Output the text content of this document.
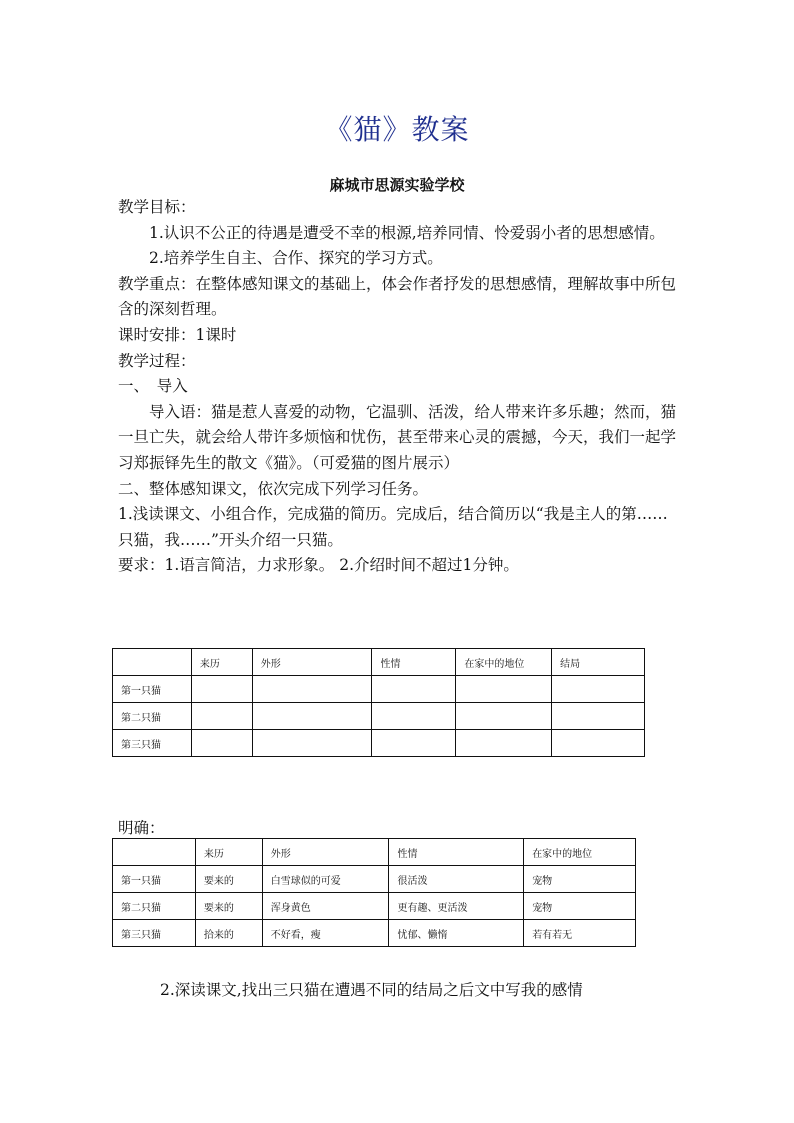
《猫》教案
麻城市思源实验学校

教学目标：

1.认识不公正的待遇是遭受不幸的根源,培养同情、怜爱弱小者的思想感情。

2.培养学生自主、合作、探究的学习方式。

教学重点：在整体感知课文的基础上，体会作者抒发的思想感情，理解故事中所包含的深刻哲理。

课时安排：1课时

教学过程：

一、　导入

导入语：猫是惹人喜爱的动物，它温驯、活泼，给人带来许多乐趣；然而，猫一旦亡失，就会给人带许多烦恼和忧伤，甚至带来心灵的震撼，今天，我们一起学习郑振铎先生的散文《猫》。（可爱猫的图片展示）

二、整体感知课文，依次完成下列学习任务。

1.浅读课文、小组合作，完成猫的简历。完成后，结合简历以“我是主人的第……只猫，我……”开头介绍一只猫。

要求：1.语言简洁，力求形象。 2.介绍时间不超过1分钟。

	来历	外形	性情	在家中的地位	结局
第一只猫					
第二只猫					
第三只猫					
明确：
	来历	外形	性情	在家中的地位
第一只猫	要来的	白雪球似的可爱	很活泼	宠物
第二只猫	要来的	浑身黄色	更有趣、更活泼	宠物
第三只猫	拾来的	不好看，瘦	忧郁、懒惰	若有若无
2.深读课文,找出三只猫在遭遇不同的结局之后文中写我的感情
